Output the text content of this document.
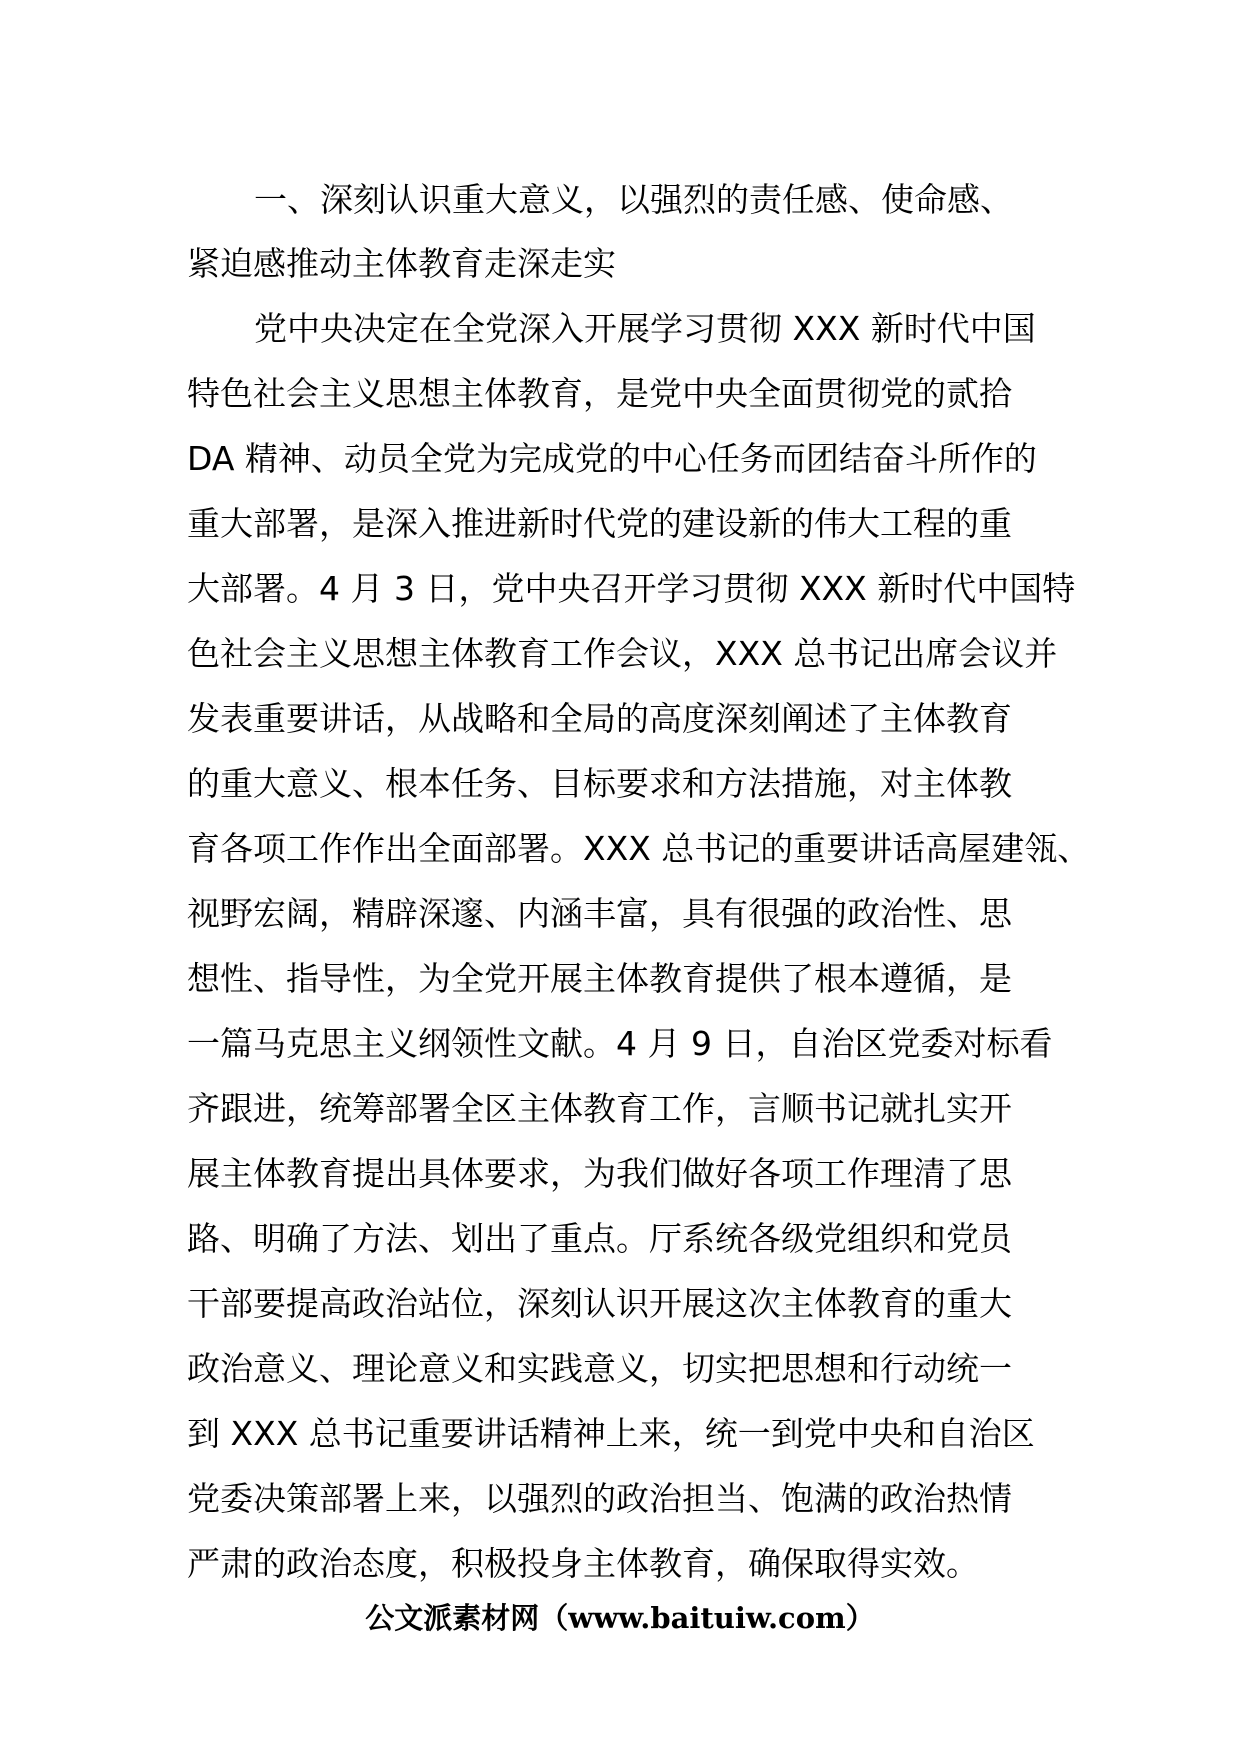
一、深刻认识重大意义，以强烈的责任感、使命感、
紧迫感推动主体教育走深走实
党中央决定在全党深入开展学习贯彻 XXX 新时代中国
特色社会主义思想主体教育，是党中央全面贯彻党的贰拾
DA 精神、动员全党为完成党的中心任务而团结奋斗所作的
重大部署，是深入推进新时代党的建设新的伟大工程的重
大部署。4 月 3 日，党中央召开学习贯彻 XXX 新时代中国特
色社会主义思想主体教育工作会议，XXX 总书记出席会议并
发表重要讲话，从战略和全局的高度深刻阐述了主体教育
的重大意义、根本任务、目标要求和方法措施，对主体教
育各项工作作出全面部署。XXX 总书记的重要讲话高屋建瓴、
视野宏阔，精辟深邃、内涵丰富，具有很强的政治性、思
想性、指导性，为全党开展主体教育提供了根本遵循，是
一篇马克思主义纲领性文献。4 月 9 日，自治区党委对标看
齐跟进，统筹部署全区主体教育工作，言顺书记就扎实开
展主体教育提出具体要求，为我们做好各项工作理清了思
路、明确了方法、划出了重点。厅系统各级党组织和党员
干部要提高政治站位，深刻认识开展这次主体教育的重大
政治意义、理论意义和实践意义，切实把思想和行动统一
到 XXX 总书记重要讲话精神上来，统一到党中央和自治区
党委决策部署上来，以强烈的政治担当、饱满的政治热情
严肃的政治态度，积极投身主体教育，确保取得实效。
公文派素材网（www.baituiw.com）
